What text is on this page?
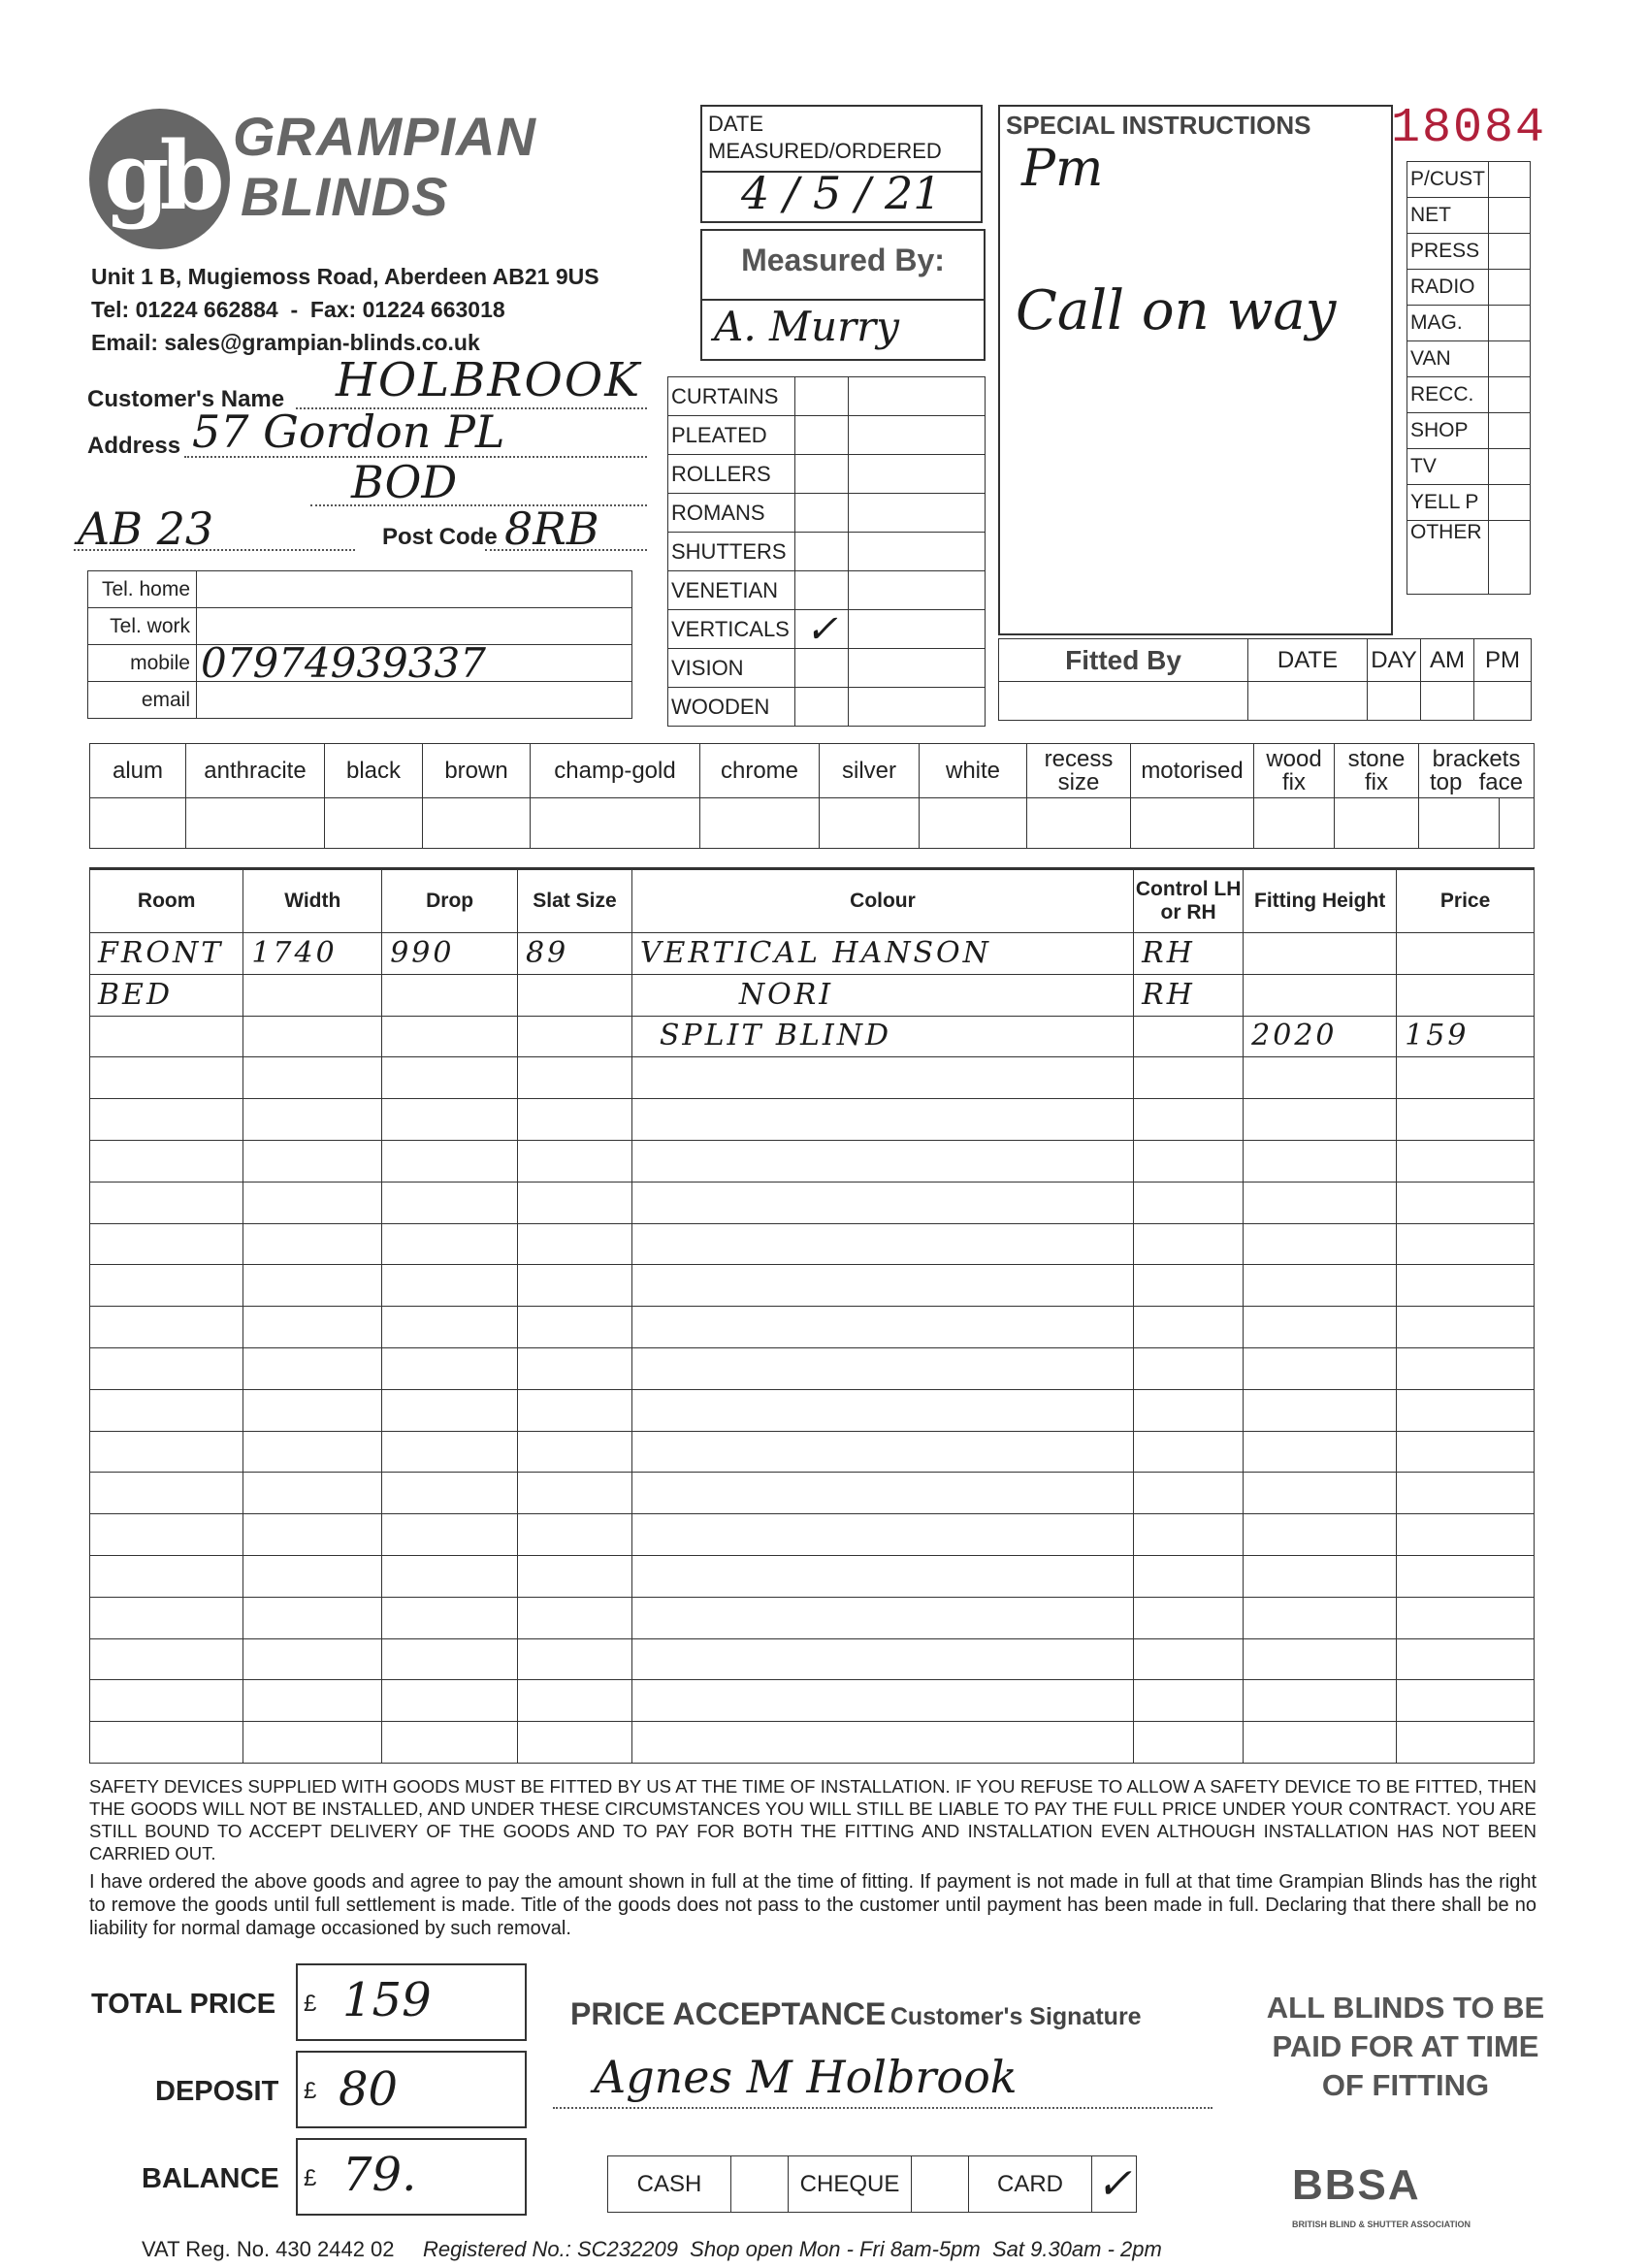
gb GRAMPIAN
BLINDS
Unit 1 B, Mugiemoss Road, Aberdeen AB21 9US
Tel: 01224 662884  -  Fax: 01224 663018
Email: sales@grampian-blinds.co.uk
DATE MEASURED/ORDERED
4 / 5 / 21
Measured By:
A. Murry
SPECIAL INSTRUCTIONS
Pm
Call on way
18084
P/CUST	
NET	
PRESS	
RADIO	
MAG.	
VAN	
RECC.	
SHOP	
TV	
YELL P	
OTHER	
Customer's Name HOLBROOK
Address 57 Gordon PL
BOD
AB 23	Post Code 8RB
Tel. home	
Tel. work	
mobile	07974939337
email	
CURTAINS		
PLEATED		
ROLLERS		
ROMANS		
SHUTTERS		
VENETIAN		
VERTICALS	✓	
VISION		
WOODEN		
Fitted By	DATE	DAY	AM	PM

alum	anthracite	black	brown	champ-gold	chrome	silver	white	recess size	motorised	wood fix	stone fix	brackets
top face	

Room	Width	Drop	Slat Size	Colour	Control LH or RH	Fitting Height	Price
FRONT	1740	990	89	VERTICAL HANSON	RH		
BED				NORI	RH		
				SPLIT BLIND		2020	159

SAFETY DEVICES SUPPLIED WITH GOODS MUST BE FITTED BY US AT THE TIME OF INSTALLATION. IF YOU REFUSE TO ALLOW A SAFETY DEVICE TO BE FITTED, THEN THE GOODS WILL NOT BE INSTALLED, AND UNDER THESE CIRCUMSTANCES YOU WILL STILL BE LIABLE TO PAY THE FULL PRICE UNDER YOUR CONTRACT. YOU ARE STILL BOUND TO ACCEPT DELIVERY OF THE GOODS AND TO PAY FOR BOTH THE FITTING AND INSTALLATION EVEN ALTHOUGH INSTALLATION HAS NOT BEEN CARRIED OUT.
I have ordered the above goods and agree to pay the amount shown in full at the time of fitting. If payment is not made in full at that time Grampian Blinds has the right to remove the goods until full settlement is made. Title of the goods does not pass to the customer until payment has been made in full. Declaring that there shall be no liability for normal damage occasioned by such removal.
TOTAL PRICE £ 159
DEPOSIT £ 80
BALANCE £ 79.
PRICE ACCEPTANCE Customer's Signature
Agnes M Holbrook
CASH		CHEQUE		CARD	✓
ALL BLINDS TO BE PAID FOR AT TIME OF FITTING
BBSA
BRITISH BLIND & SHUTTER ASSOCIATION
VAT Reg. No. 430 2442 02 Registered No.: SC232209  Shop open Mon - Fri 8am-5pm  Sat 9.30am - 2pm
